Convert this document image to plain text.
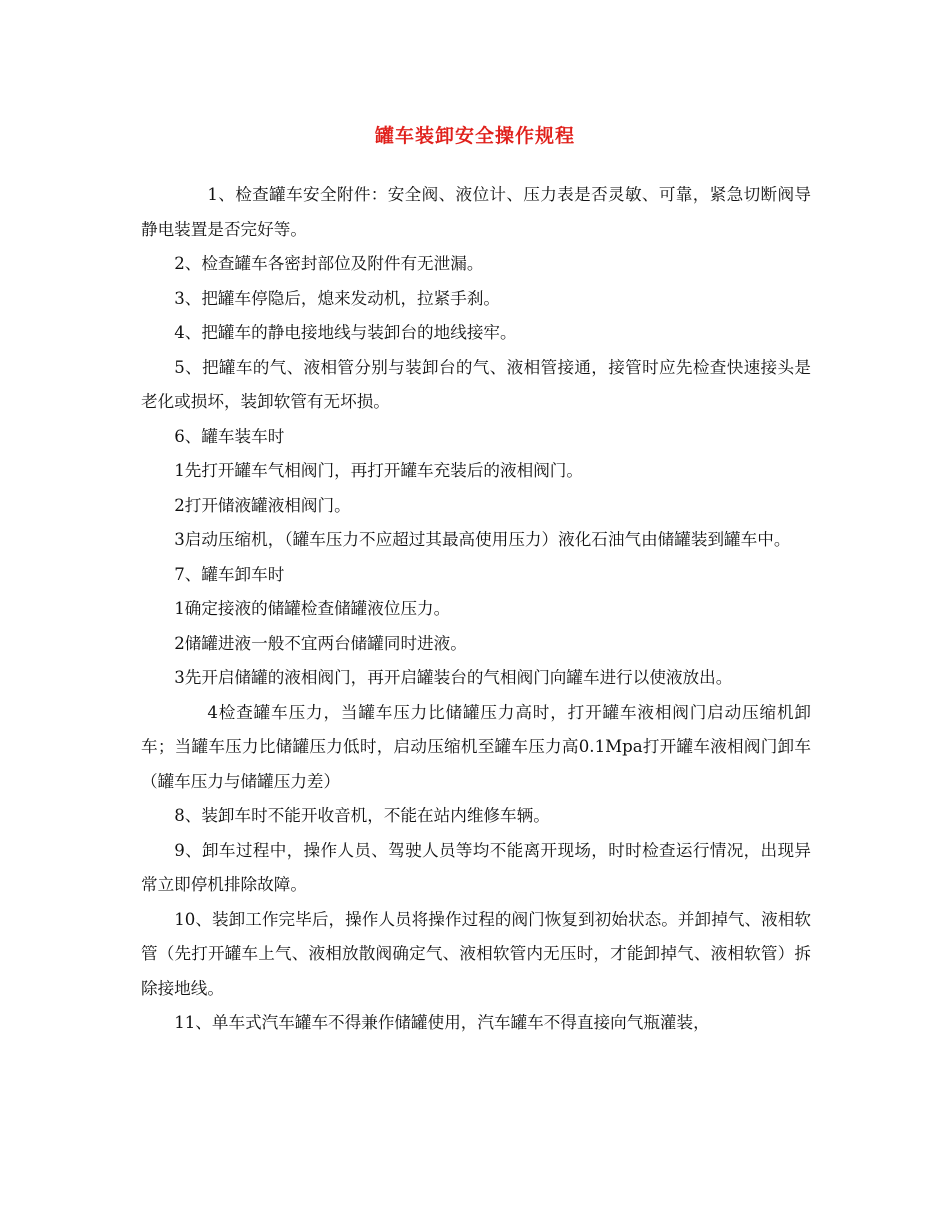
罐车装卸安全操作规程

1、检查罐车安全附件：安全阀、液位计、压力表是否灵敏、可靠，紧急切断阀导静电装置是否完好等。

2、检查罐车各密封部位及附件有无泄漏。

3、把罐车停隐后，熄来发动机，拉紧手刹。

4、把罐车的静电接地线与装卸台的地线接牢。

5、把罐车的气、液相管分别与装卸台的气、液相管接通，接管时应先检查快速接头是老化或损坏，装卸软管有无坏损。

6、罐车装车时

1先打开罐车气相阀门，再打开罐车充装后的液相阀门。

2打开储液罐液相阀门。

3启动压缩机，（罐车压力不应超过其最高使用压力）液化石油气由储罐装到罐车中。

7、罐车卸车时

1确定接液的储罐检查储罐液位压力。

2储罐进液一般不宜两台储罐同时进液。

3先开启储罐的液相阀门，再开启罐装台的气相阀门向罐车进行以使液放出。

4检查罐车压力，当罐车压力比储罐压力高时，打开罐车液相阀门启动压缩机卸车；当罐车压力比储罐压力低时，启动压缩机至罐车压力高0.1Mpa打开罐车液相阀门卸车（罐车压力与储罐压力差）

8、装卸车时不能开收音机，不能在站内维修车辆。

9、卸车过程中，操作人员、驾驶人员等均不能离开现场，时时检查运行情况，出现异常立即停机排除故障。

10、装卸工作完毕后，操作人员将操作过程的阀门恢复到初始状态。并卸掉气、液相软管（先打开罐车上气、液相放散阀确定气、液相软管内无压时，才能卸掉气、液相软管）拆除接地线。

11、单车式汽车罐车不得兼作储罐使用，汽车罐车不得直接向气瓶灌装，
